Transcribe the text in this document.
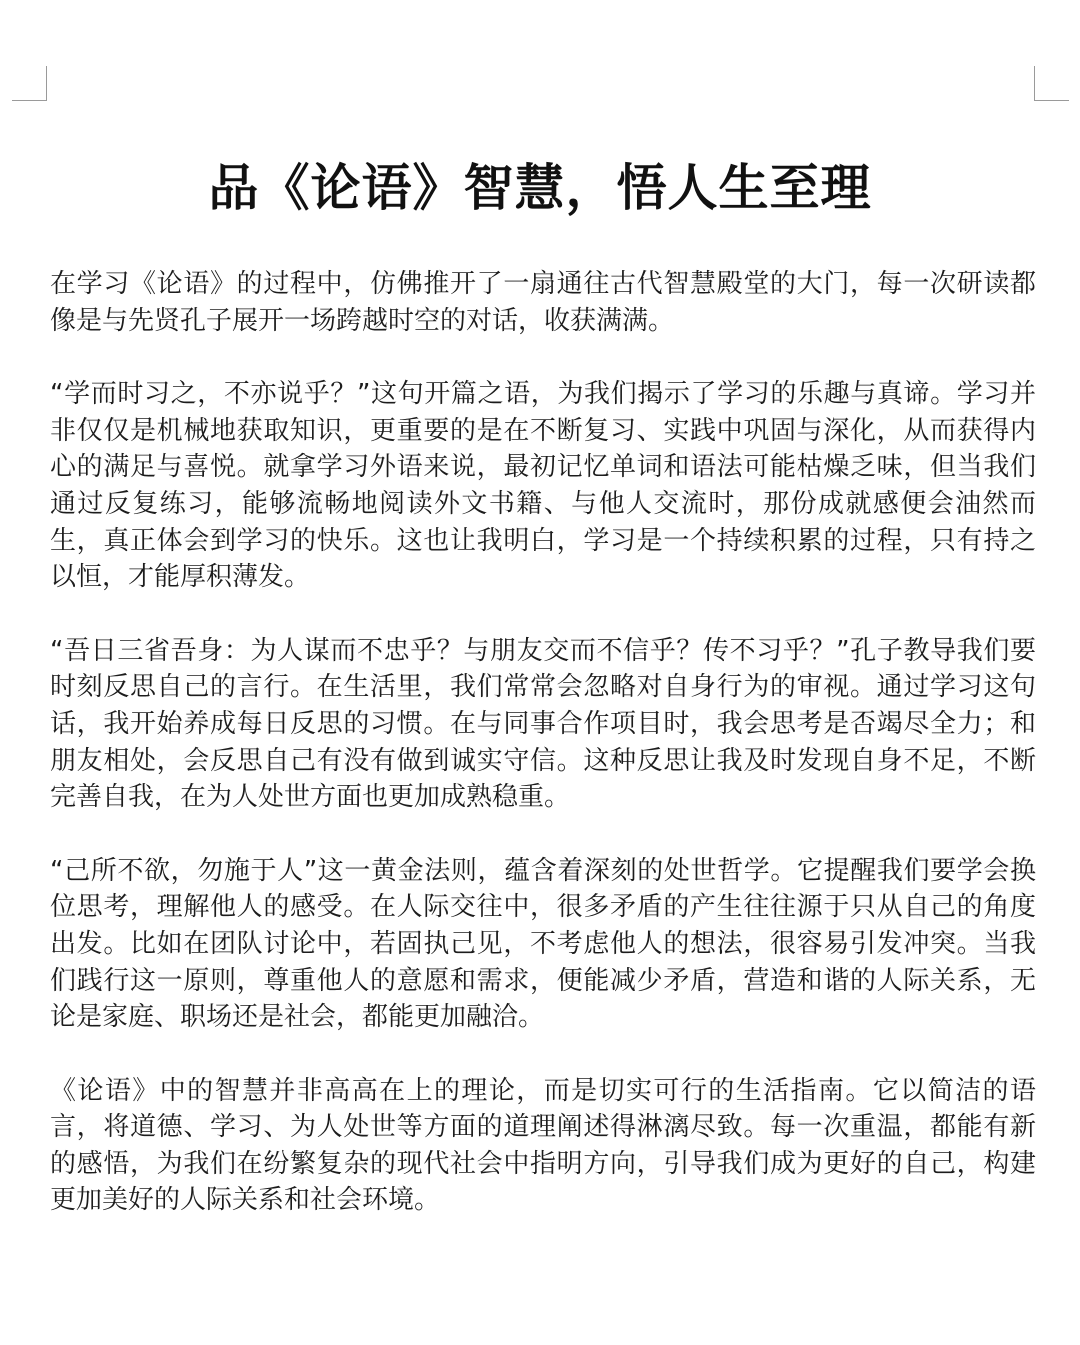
品《论语》智慧，悟人生至理

在学习《论语》的过程中，仿佛推开了一扇通往古代智慧殿堂的大门，每一次研读都像是与先贤孔子展开一场跨越时空的对话，收获满满。

“学而时习之，不亦说乎？”这句开篇之语，为我们揭示了学习的乐趣与真谛。学习并非仅仅是机械地获取知识，更重要的是在不断复习、实践中巩固与深化，从而获得内心的满足与喜悦。就拿学习外语来说，最初记忆单词和语法可能枯燥乏味，但当我们通过反复练习，能够流畅地阅读外文书籍、与他人交流时，那份成就感便会油然而生，真正体会到学习的快乐。这也让我明白，学习是一个持续积累的过程，只有持之以恒，才能厚积薄发。

“吾日三省吾身：为人谋而不忠乎？与朋友交而不信乎？传不习乎？”孔子教导我们要时刻反思自己的言行。在生活里，我们常常会忽略对自身行为的审视。通过学习这句话，我开始养成每日反思的习惯。在与同事合作项目时，我会思考是否竭尽全力；和朋友相处，会反思自己有没有做到诚实守信。这种反思让我及时发现自身不足，不断完善自我，在为人处世方面也更加成熟稳重。

“己所不欲，勿施于人”这一黄金法则，蕴含着深刻的处世哲学。它提醒我们要学会换位思考，理解他人的感受。在人际交往中，很多矛盾的产生往往源于只从自己的角度出发。比如在团队讨论中，若固执己见，不考虑他人的想法，很容易引发冲突。当我们践行这一原则，尊重他人的意愿和需求，便能减少矛盾，营造和谐的人际关系，无论是家庭、职场还是社会，都能更加融洽。

《论语》中的智慧并非高高在上的理论，而是切实可行的生活指南。它以简洁的语言，将道德、学习、为人处世等方面的道理阐述得淋漓尽致。每一次重温，都能有新的感悟，为我们在纷繁复杂的现代社会中指明方向，引导我们成为更好的自己，构建更加美好的人际关系和社会环境。
